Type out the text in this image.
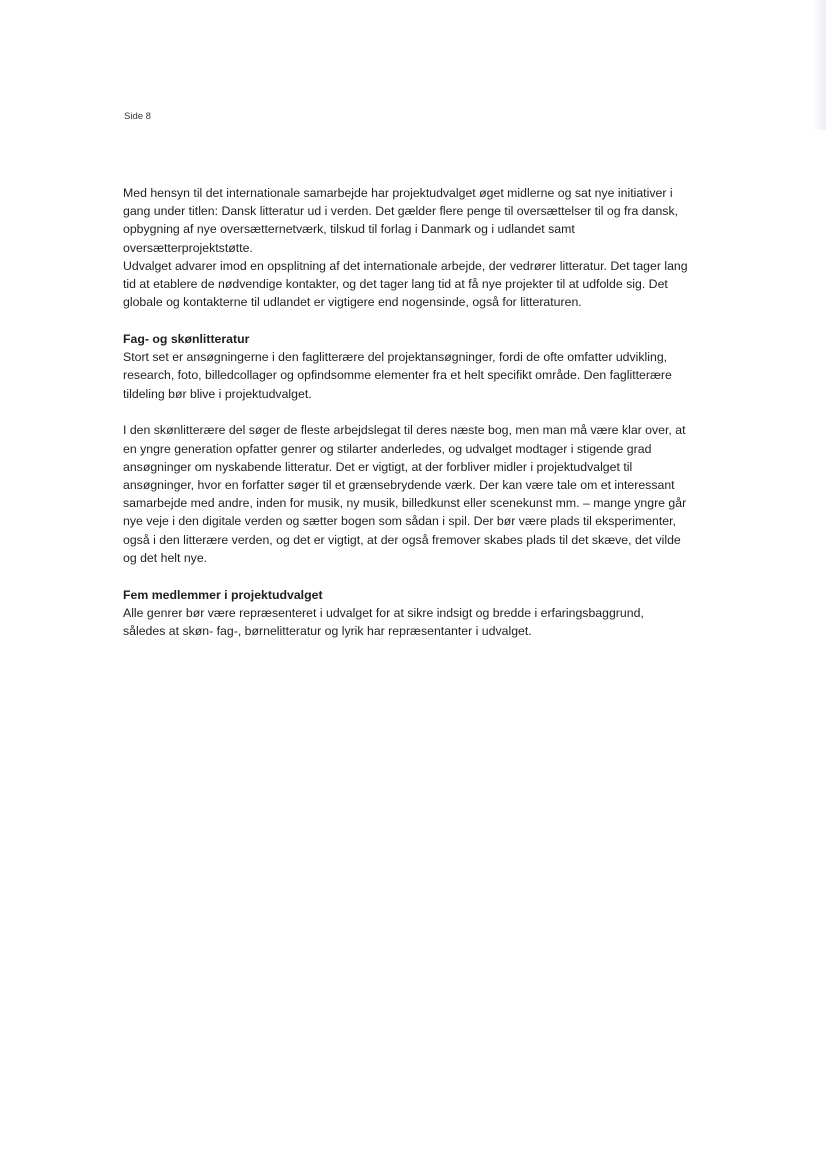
Side 8

Med hensyn til det internationale samarbejde har projektudvalget øget midlerne og sat nye initiativer i
gang under titlen: Dansk litteratur ud i verden. Det gælder flere penge til oversættelser til og fra dansk,
opbygning af nye oversætternetværk, tilskud til forlag i Danmark og i udlandet samt
oversætterprojektstøtte.

Udvalget advarer imod en opsplitning af det internationale arbejde, der vedrører litteratur. Det tager lang
tid at etablere de nødvendige kontakter, og det tager lang tid at få nye projekter til at udfolde sig. Det
globale og kontakterne til udlandet er vigtigere end nogensinde, også for litteraturen.

Fag- og skønlitteratur

Stort set er ansøgningerne i den faglitterære del projektansøgninger, fordi de ofte omfatter udvikling,
research, foto, billedcollager og opfindsomme elementer fra et helt specifikt område. Den faglitterære
tildeling bør blive i projektudvalget.

I den skønlitterære del søger de fleste arbejdslegat til deres næste bog, men man må være klar over, at
en yngre generation opfatter genrer og stilarter anderledes, og udvalget modtager i stigende grad
ansøgninger om nyskabende litteratur. Det er vigtigt, at der forbliver midler i projektudvalget til
ansøgninger, hvor en forfatter søger til et grænsebrydende værk. Der kan være tale om et interessant
samarbejde med andre, inden for musik, ny musik, billedkunst eller scenekunst mm. – mange yngre går
nye veje i den digitale verden og sætter bogen som sådan i spil. Der bør være plads til eksperimenter,
også i den litterære verden, og det er vigtigt, at der også fremover skabes plads til det skæve, det vilde
og det helt nye.

Fem medlemmer i projektudvalget

Alle genrer bør være repræsenteret i udvalget for at sikre indsigt og bredde i erfaringsbaggrund,
således at skøn- fag-, børnelitteratur og lyrik har repræsentanter i udvalget.
